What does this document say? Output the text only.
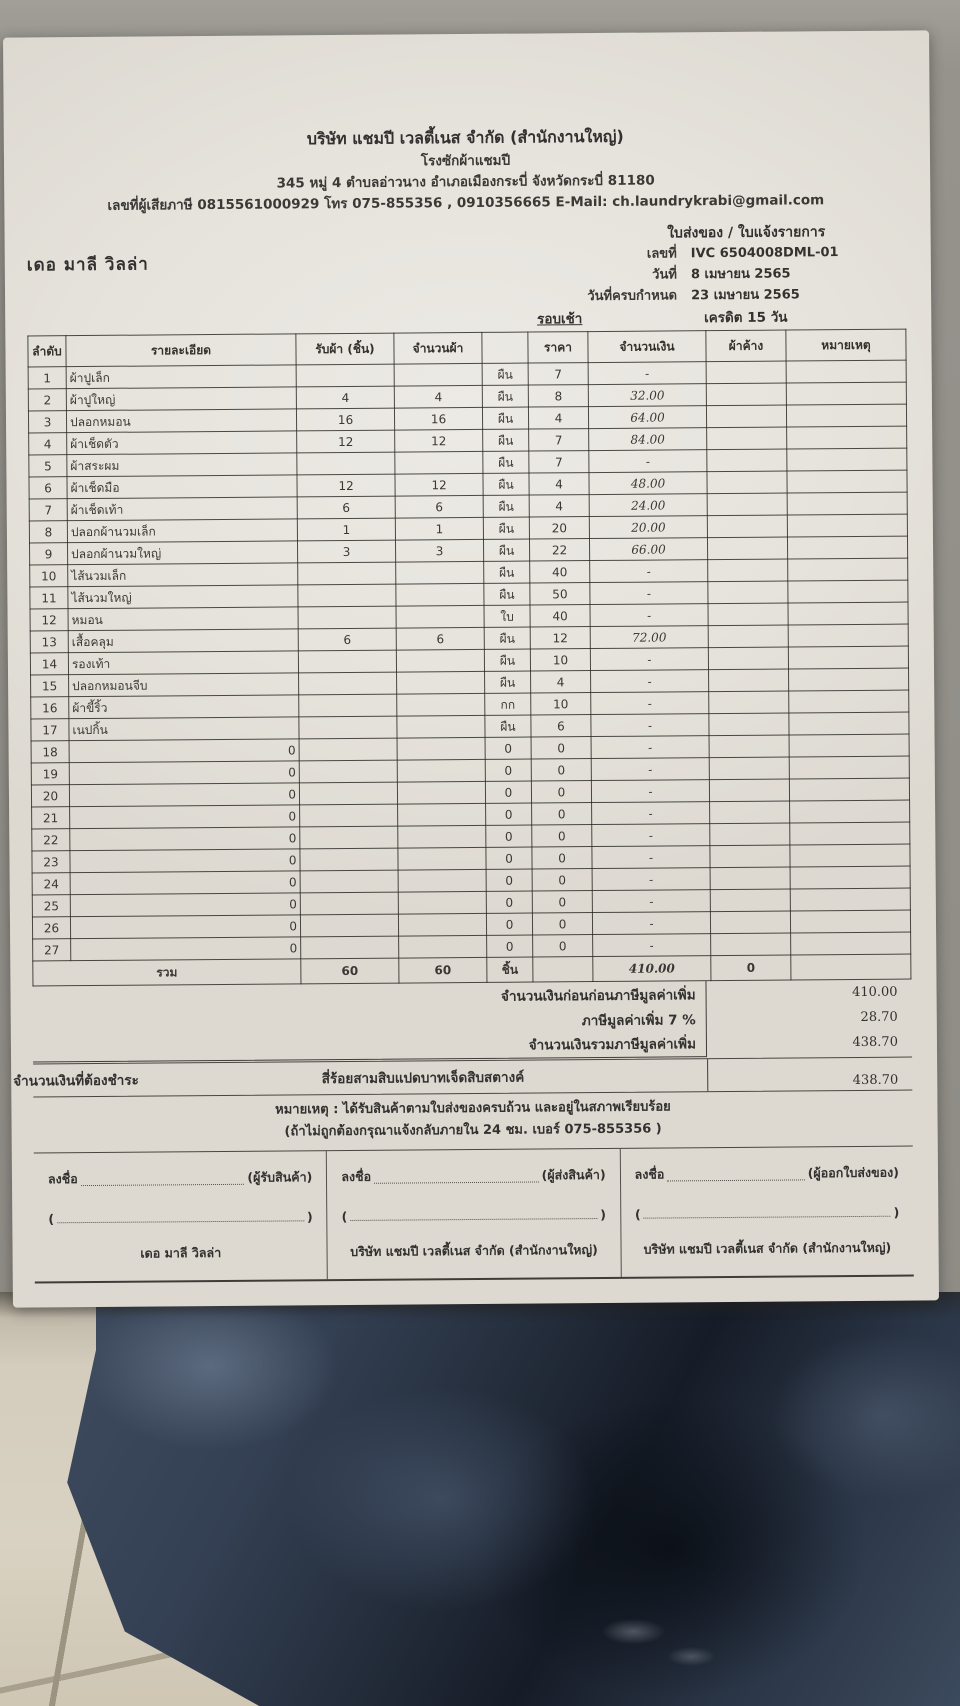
บริษัท แชมปี เวลตี้เนส จำกัด (สำนักงานใหญ่)
โรงซักผ้าแชมปี
345 หมู่ 4 ตำบลอ่าวนาง อำเภอเมืองกระบี่ จังหวัดกระบี่ 81180
เลขที่ผู้เสียภาษี 0815561000929 โทร 075-855356 , 0910356665 E-Mail: ch.laundrykrabi@gmail.com
เดอ มาลี วิลล่า
ใบส่งของ / ใบแจ้งรายการ
เลขที่ IVC 6504008DML-01
วันที่ 8 เมษายน 2565
วันที่ครบกำหนด 23 เมษายน 2565
รอบเช้า	เครดิต 15 วัน
ลำดับ	รายละเอียด	รับผ้า (ชิ้น)	จำนวนผ้า		ราคา	จำนวนเงิน	ผ้าค้าง	หมายเหตุ
1	ผ้าปูเล็ก			ผืน	7	-		
2	ผ้าปูใหญ่	4	4	ผืน	8	32.00		
3	ปลอกหมอน	16	16	ผืน	4	64.00		
4	ผ้าเช็ดตัว	12	12	ผืน	7	84.00		
5	ผ้าสระผม			ผืน	7	-		
6	ผ้าเช็ดมือ	12	12	ผืน	4	48.00		
7	ผ้าเช็ดเท้า	6	6	ผืน	4	24.00		
8	ปลอกผ้านวมเล็ก	1	1	ผืน	20	20.00		
9	ปลอกผ้านวมใหญ่	3	3	ผืน	22	66.00		
10	ไส้นวมเล็ก			ผืน	40	-		
11	ไส้นวมใหญ่			ผืน	50	-		
12	หมอน			ใบ	40	-		
13	เสื้อคลุม	6	6	ผืน	12	72.00		
14	รองเท้า			ผืน	10	-		
15	ปลอกหมอนจีบ			ผืน	4	-		
16	ผ้าขี้ริ้ว			กก	10	-		
17	เนปกิ้น			ผืน	6	-		
18	0			0	0	-		
19	0			0	0	-		
20	0			0	0	-		
21	0			0	0	-		
22	0			0	0	-		
23	0			0	0	-		
24	0			0	0	-		
25	0			0	0	-		
26	0			0	0	-		
27	0			0	0	-		
รวม		60	60	ชิ้น		410.00	0	
จำนวนเงินก่อนก่อนภาษีมูลค่าเพิ่ม	410.00
ภาษีมูลค่าเพิ่ม 7 %	28.70
จำนวนเงินรวมภาษีมูลค่าเพิ่ม	438.70
จำนวนเงินที่ต้องชำระ	สี่ร้อยสามสิบแปดบาทเจ็ดสิบสตางค์	438.70
หมายเหตุ : ได้รับสินค้าตามใบส่งของครบถ้วน และอยู่ในสภาพเรียบร้อย
(ถ้าไม่ถูกต้องกรุณาแจ้งกลับภายใน 24 ชม. เบอร์ 075-855356 )
ลงชื่อ	(ผู้รับสินค้า)
(	)
เดอ มาลี วิลล่า
ลงชื่อ	(ผู้ส่งสินค้า)
(	)
บริษัท แชมปี เวลตี้เนส จำกัด (สำนักงานใหญ่)
ลงชื่อ	(ผู้ออกใบส่งของ)
(	)
บริษัท แชมปี เวลตี้เนส จำกัด (สำนักงานใหญ่)
